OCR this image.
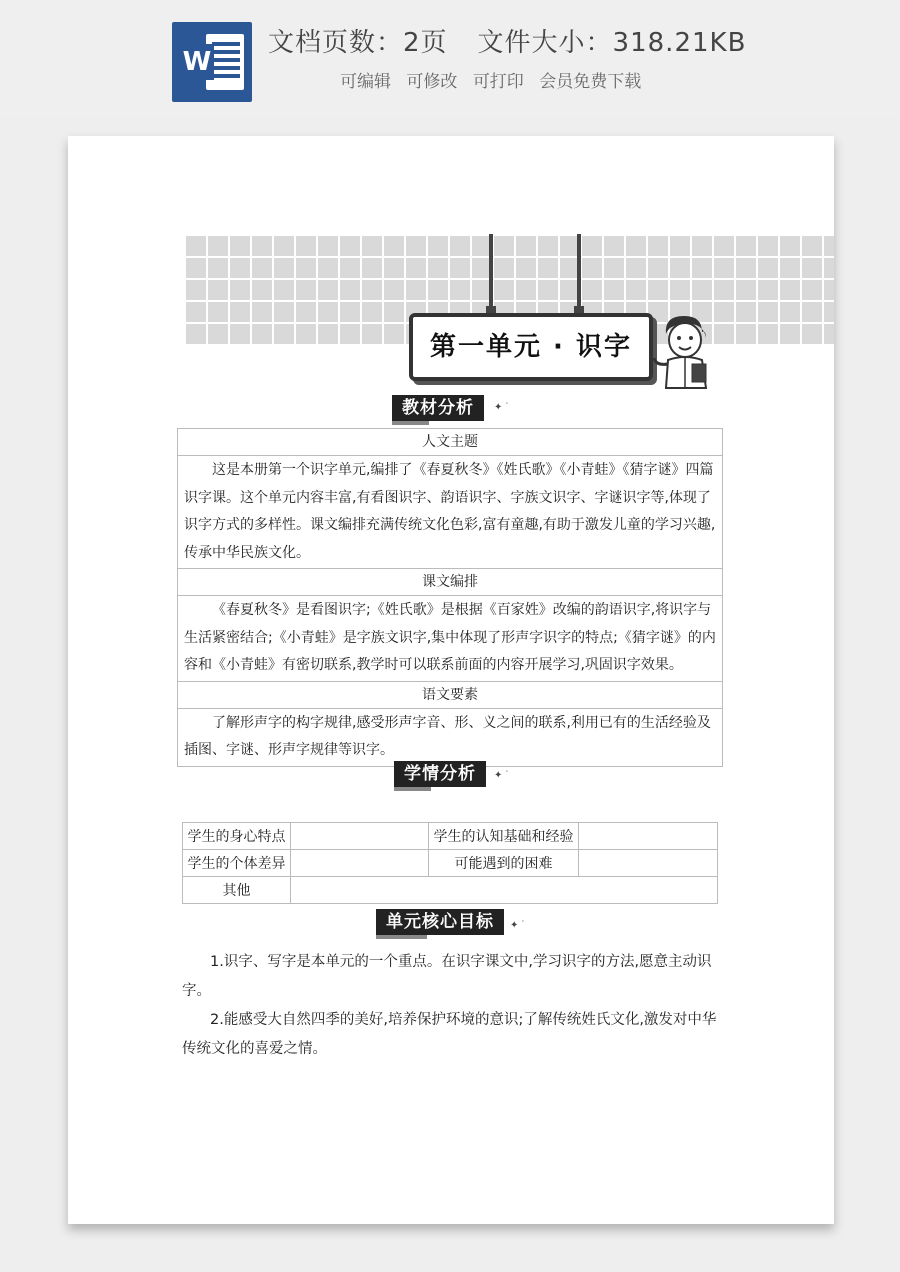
W
文档页数：2页 文件大小：318.21KB
可编辑 可修改 可打印 会员免费下载
第一单元 · 识字
教材分析	✦˙
人文主题
这是本册第一个识字单元,编排了《春夏秋冬》《姓氏歌》《小青蛙》《猜字谜》四篇识字课。这个单元内容丰富,有看图识字、韵语识字、字族文识字、字谜识字等,体现了识字方式的多样性。课文编排充满传统文化色彩,富有童趣,有助于激发儿童的学习兴趣,传承中华民族文化。
课文编排
《春夏秋冬》是看图识字;《姓氏歌》是根据《百家姓》改编的韵语识字,将识字与生活紧密结合;《小青蛙》是字族文识字,集中体现了形声字识字的特点;《猜字谜》的内容和《小青蛙》有密切联系,教学时可以联系前面的内容开展学习,巩固识字效果。
语文要素
了解形声字的构字规律,感受形声字音、形、义之间的联系,利用已有的生活经验及插图、字谜、形声字规律等识字。
学情分析	✦˙
学生的身心特点		学生的认知基础和经验	
学生的个体差异		可能遇到的困难	
其他			
单元核心目标	✦˙

1.识字、写字是本单元的一个重点。在识字课文中,学习识字的方法,愿意主动识字。

2.能感受大自然四季的美好,培养保护环境的意识;了解传统姓氏文化,激发对中华传统文化的喜爱之情。
